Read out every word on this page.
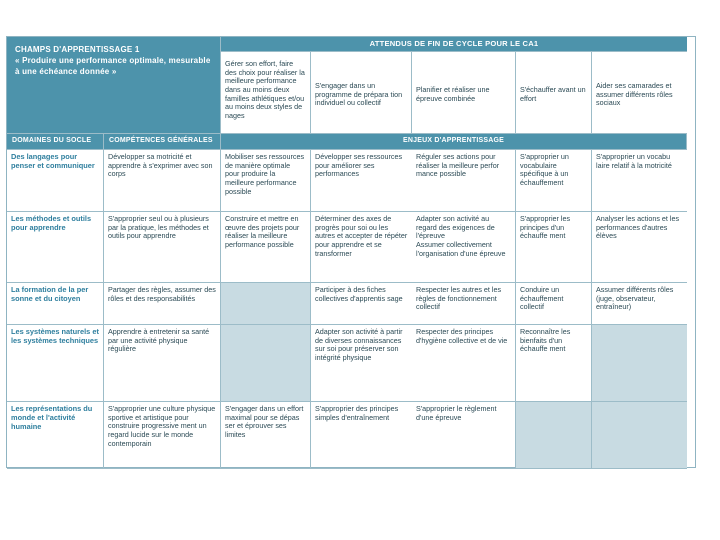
CHAMPS D'APPRENTISSAGE 1
« Produire une performance optimale, mesurable à une échéance donnée »
ATTENDUS DE FIN DE CYCLE POUR LE CA1
Gérer son effort, faire des choix pour réaliser la meilleure performance dans au moins deux familles athlétiques et/ou au moins deux styles de nages
S'engager dans un programme de prépara tion individuel ou collectif
Planifier et réaliser une épreuve combinée
S'échauffer avant un effort
Aider ses camarades et assumer différents rôles sociaux
DOMAINES DU SOCLE	COMPÉTENCES GÉNÉRALES	ENJEUX D'APPRENTISSAGE
Des langages pour penser et communiquer
Développer sa motricité et apprendre à s'exprimer avec son corps
Mobiliser ses ressources de manière optimale pour produire la meilleure performance possible
Développer ses ressources pour améliorer ses performances
Réguler ses actions pour réaliser la meilleure perfor mance possible
S'approprier un vocabulaire spécifique à un échauffement
S'approprier un vocabu laire relatif à la motricité
Les méthodes et outils pour apprendre
S'approprier seul ou à plusieurs par la pratique, les méthodes et outils pour apprendre
Construire et mettre en œuvre des projets pour réaliser la meilleure performance possible
Déterminer des axes de progrès pour soi ou les autres et accepter de répéter pour apprendre et se transformer
Adapter son activité au regard des exigences de l'épreuve
Assumer collectivement l'organisation d'une épreuve
S'approprier les principes d'un échauffe ment
Analyser les actions et les performances d'autres élèves
La formation de la per sonne et du citoyen
Partager des règles, assumer des rôles et des responsabilités
Participer à des fiches collectives d'apprentis sage
Respecter les autres et les règles de fonctionnement collectif
Conduire un échauffement collectif
Assumer différents rôles (juge, observateur, entraîneur)
Les systèmes naturels et les systèmes techniques
Apprendre à entretenir sa santé par une activité physique régulière
Adapter son activité à partir de diverses connaissances sur soi pour préserver son intégrité physique
Respecter des principes d'hygiène collective et de vie
Reconnaître les bienfaits d'un échauffe ment
Les représentations du monde et l'activité humaine
S'approprier une culture physique sportive et artistique pour construire progressive ment un regard lucide sur le monde contemporain
S'engager dans un effort maximal pour se dépas ser et éprouver ses limites
S'approprier des principes simples d'entraînement
S'approprier le règlement d'une épreuve
